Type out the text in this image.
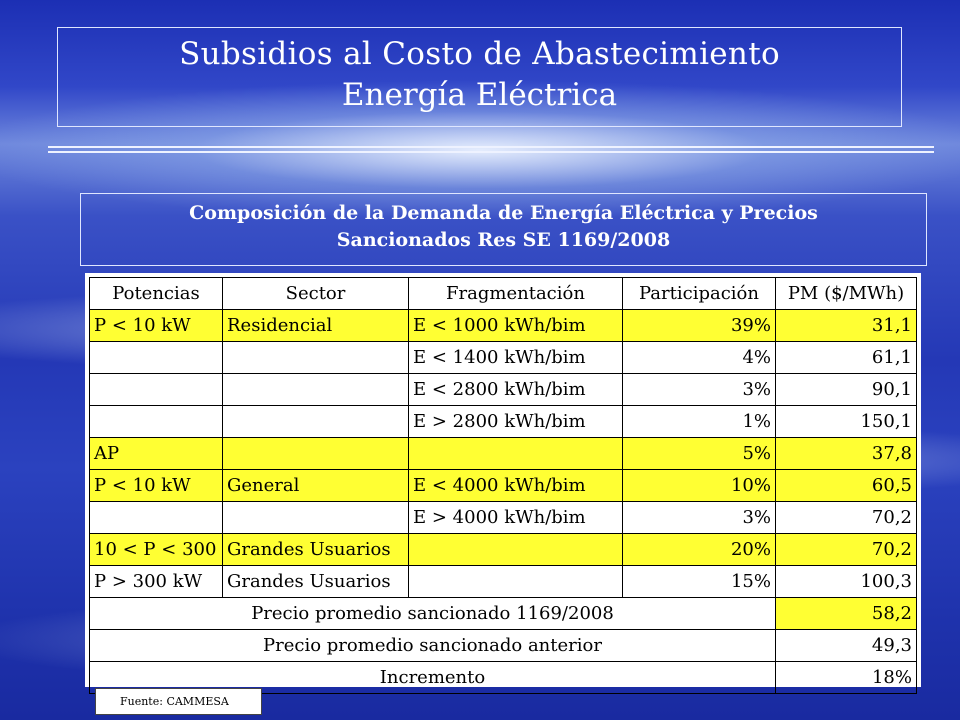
Subsidios al Costo de Abastecimiento
Energía Eléctrica
Composición de la Demanda de Energía Eléctrica y Precios
Sancionados Res SE 1169/2008
Potencias	Sector	Fragmentación	Participación	PM ($/MWh)
P < 10 kW	Residencial	E < 1000 kWh/bim	39%	31,1
		E < 1400 kWh/bim	4%	61,1
		E < 2800 kWh/bim	3%	90,1
		E > 2800 kWh/bim	1%	150,1
AP			5%	37,8
P < 10 kW	General	E < 4000 kWh/bim	10%	60,5
		E > 4000 kWh/bim	3%	70,2
10 < P < 300	Grandes Usuarios		20%	70,2
P > 300 kW	Grandes Usuarios		15%	100,3
Precio promedio sancionado 1169/2008				58,2
Precio promedio sancionado anterior				49,3
Incremento				18%
Fuente: CAMMESA
